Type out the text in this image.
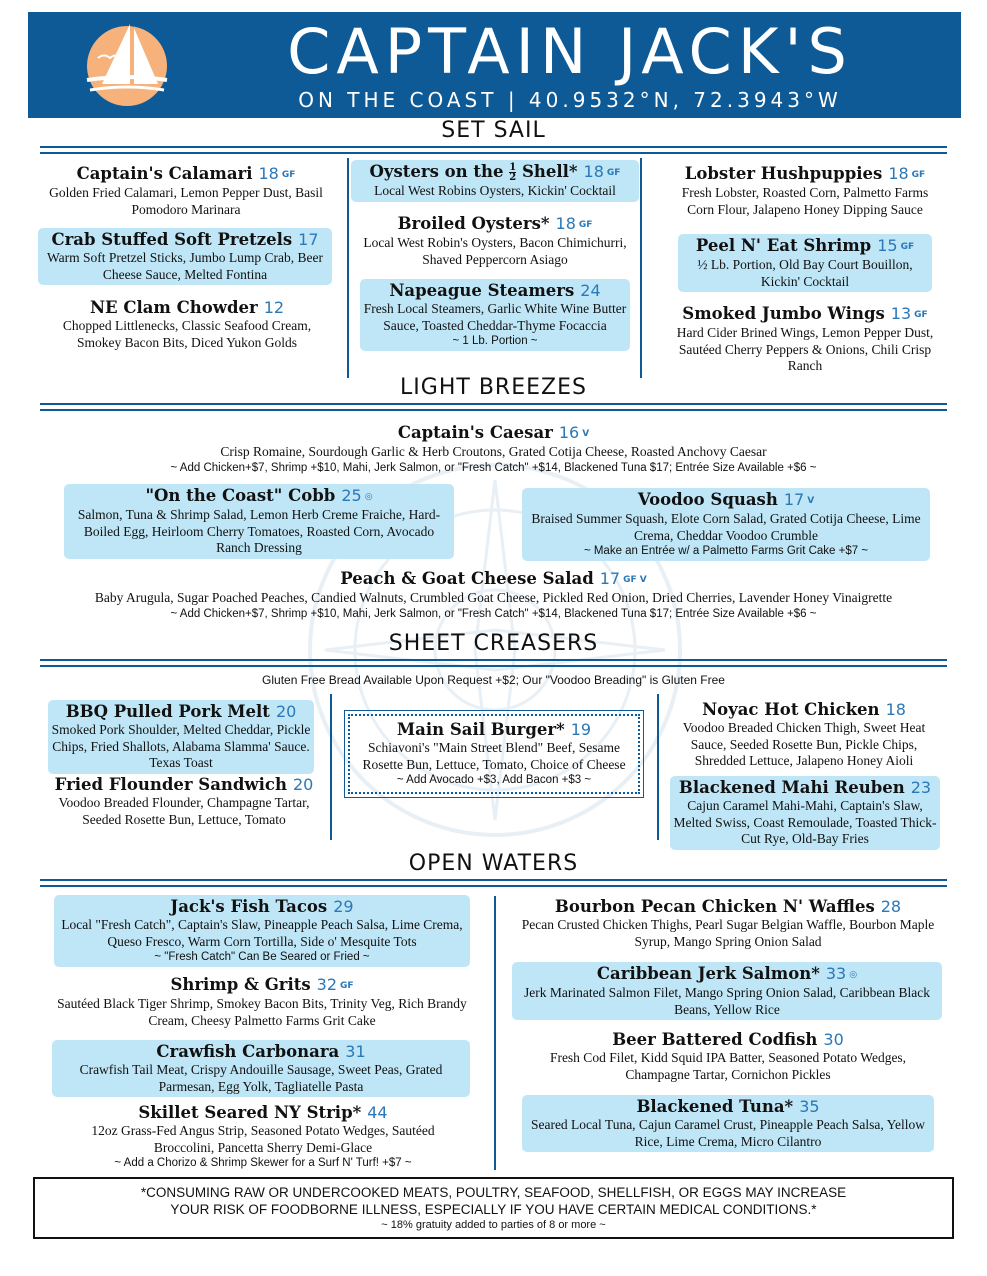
CAPTAIN JACK'S
ON THE COAST | 40.9532°N, 72.3943°W
SET SAIL
Captain's Calamari 18 GF
Golden Fried Calamari, Lemon Pepper Dust, Basil Pomodoro Marinara
Crab Stuffed Soft Pretzels 17
Warm Soft Pretzel Sticks, Jumbo Lump Crab, Beer Cheese Sauce, Melted Fontina
NE Clam Chowder 12
Chopped Littlenecks, Classic Seafood Cream, Smokey Bacon Bits, Diced Yukon Golds
Oysters on the $\frac{1}{2}$ Shell* 18 GF
Local West Robins Oysters, Kickin' Cocktail
Broiled Oysters* 18 GF
Local West Robin's Oysters, Bacon Chimichurri, Shaved Peppercorn Asiago
Napeague Steamers 24
Fresh Local Steamers, Garlic White Wine Butter Sauce, Toasted Cheddar-Thyme Focaccia
~ 1 Lb. Portion ~
Lobster Hushpuppies 18 GF
Fresh Lobster, Roasted Corn, Palmetto Farms Corn Flour, Jalapeno Honey Dipping Sauce
Peel N' Eat Shrimp 15 GF
½ Lb. Portion, Old Bay Court Bouillon, Kickin' Cocktail
Smoked Jumbo Wings 13 GF
Hard Cider Brined Wings, Lemon Pepper Dust, Sautéed Cherry Peppers & Onions, Chili Crisp Ranch
LIGHT BREEZES
Captain's Caesar 16 V
Crisp Romaine, Sourdough Garlic & Herb Croutons, Grated Cotija Cheese, Roasted Anchovy Caesar
~ Add Chicken+$7, Shrimp +$10, Mahi, Jerk Salmon, or "Fresh Catch" +$14, Blackened Tuna $17; Entrée Size Available +$6 ~
"On the Coast" Cobb 25 ◎
Salmon, Tuna & Shrimp Salad, Lemon Herb Creme Fraiche, Hard-Boiled Egg, Heirloom Cherry Tomatoes, Roasted Corn, Avocado Ranch Dressing
Voodoo Squash 17 V
Braised Summer Squash, Elote Corn Salad, Grated Cotija Cheese, Lime Crema, Cheddar Voodoo Crumble
~ Make an Entrée w/ a Palmetto Farms Grit Cake +$7 ~
Peach & Goat Cheese Salad 17 GF V
Baby Arugula, Sugar Poached Peaches, Candied Walnuts, Crumbled Goat Cheese, Pickled Red Onion, Dried Cherries, Lavender Honey Vinaigrette
~ Add Chicken+$7, Shrimp +$10, Mahi, Jerk Salmon, or "Fresh Catch" +$14, Blackened Tuna $17; Entrée Size Available +$6 ~
SHEET CREASERS
Gluten Free Bread Available Upon Request +$2; Our "Voodoo Breading" is Gluten Free
BBQ Pulled Pork Melt 20
Smoked Pork Shoulder, Melted Cheddar, Pickle Chips, Fried Shallots, Alabama Slamma' Sauce. Texas Toast
Fried Flounder Sandwich 20
Voodoo Breaded Flounder, Champagne Tartar, Seeded Rosette Bun, Lettuce, Tomato
Main Sail Burger* 19
Schiavoni's "Main Street Blend" Beef, Sesame Rosette Bun, Lettuce, Tomato, Choice of Cheese
~ Add Avocado +$3, Add Bacon +$3 ~
Noyac Hot Chicken 18
Voodoo Breaded Chicken Thigh, Sweet Heat Sauce, Seeded Rosette Bun, Pickle Chips, Shredded Lettuce, Jalapeno Honey Aioli
Blackened Mahi Reuben 23
Cajun Caramel Mahi-Mahi, Captain's Slaw, Melted Swiss, Coast Remoulade, Toasted Thick-Cut Rye, Old-Bay Fries
OPEN WATERS
Jack's Fish Tacos 29
Local "Fresh Catch", Captain's Slaw, Pineapple Peach Salsa, Lime Crema, Queso Fresco, Warm Corn Tortilla, Side o' Mesquite Tots
~ "Fresh Catch" Can Be Seared or Fried ~
Shrimp & Grits 32 GF
Sautéed Black Tiger Shrimp, Smokey Bacon Bits, Trinity Veg, Rich Brandy Cream, Cheesy Palmetto Farms Grit Cake
Crawfish Carbonara 31
Crawfish Tail Meat, Crispy Andouille Sausage, Sweet Peas, Grated Parmesan, Egg Yolk, Tagliatelle Pasta
Skillet Seared NY Strip* 44
12oz Grass-Fed Angus Strip, Seasoned Potato Wedges, Sautéed Broccolini, Pancetta Sherry Demi-Glace
~ Add a Chorizo & Shrimp Skewer for a Surf N' Turf! +$7 ~
Bourbon Pecan Chicken N' Waffles 28
Pecan Crusted Chicken Thighs, Pearl Sugar Belgian Waffle, Bourbon Maple Syrup, Mango Spring Onion Salad
Caribbean Jerk Salmon* 33 ◎
Jerk Marinated Salmon Filet, Mango Spring Onion Salad, Caribbean Black Beans, Yellow Rice
Beer Battered Codfish 30
Fresh Cod Filet, Kidd Squid IPA Batter, Seasoned Potato Wedges, Champagne Tartar, Cornichon Pickles
Blackened Tuna* 35
Seared Local Tuna, Cajun Caramel Crust, Pineapple Peach Salsa, Yellow Rice, Lime Crema, Micro Cilantro
*CONSUMING RAW OR UNDERCOOKED MEATS, POULTRY, SEAFOOD, SHELLFISH, OR EGGS MAY INCREASE
YOUR RISK OF FOODBORNE ILLNESS, ESPECIALLY IF YOU HAVE CERTAIN MEDICAL CONDITIONS.*
~ 18% gratuity added to parties of 8 or more ~
